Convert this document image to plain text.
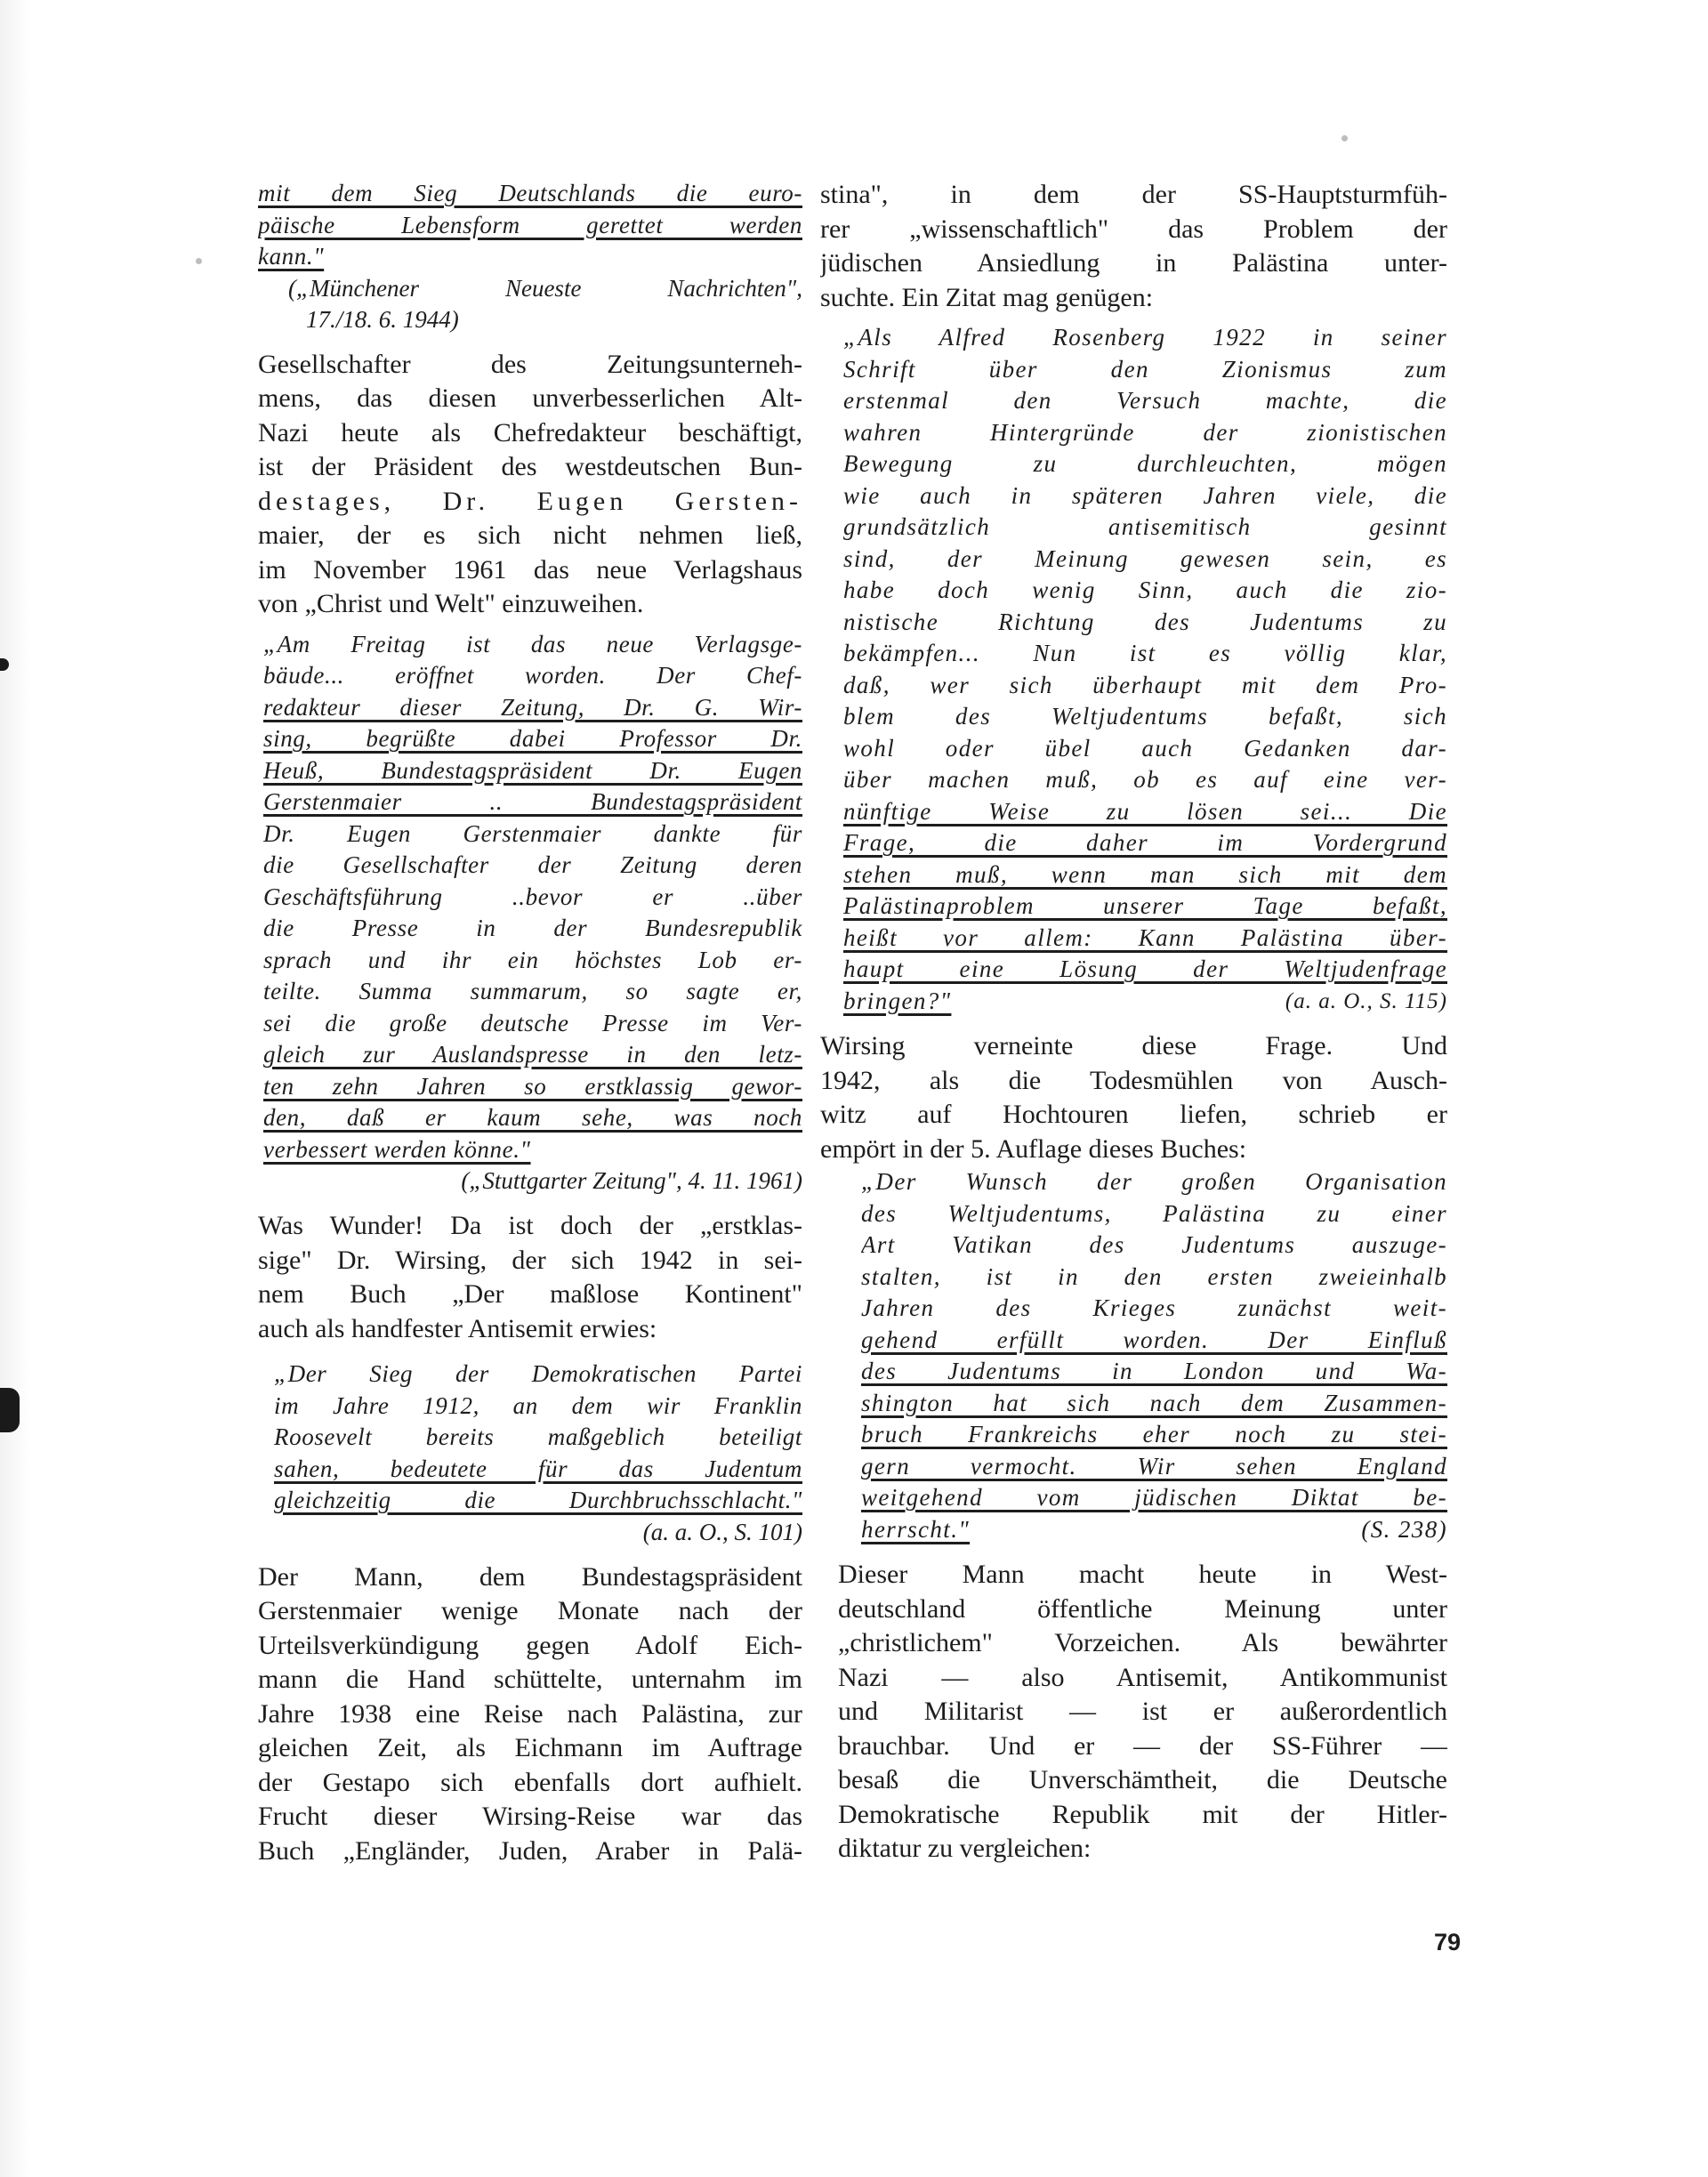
mit dem Sieg Deutschlands die euro-
päische Lebensform gerettet werden
kann."
(„Münchener Neueste Nachrichten",
17./18. 6. 1944)
Gesellschafter des Zeitungsunterneh-
mens, das diesen unverbesserlichen Alt-
Nazi heute als Chefredakteur beschäftigt,
ist der Präsident des westdeutschen Bun-
destages, Dr. Eugen Gersten-
maier, der es sich nicht nehmen ließ,
im November 1961 das neue Verlagshaus
von „Christ und Welt" einzuweihen.
„Am Freitag ist das neue Verlagsge-
bäude... eröffnet worden. Der Chef-
redakteur dieser Zeitung, Dr. G. Wir-
sing, begrüßte dabei Professor Dr.
Heuß, Bundestagspräsident Dr. Eugen
Gerstenmaier .. Bundestagspräsident
Dr. Eugen Gerstenmaier dankte für
die Gesellschafter der Zeitung deren
Geschäftsführung ..bevor er ..über
die Presse in der Bundesrepublik
sprach und ihr ein höchstes Lob er-
teilte. Summa summarum, so sagte er,
sei die große deutsche Presse im Ver-
gleich zur Auslandspresse in den letz-
ten zehn Jahren so erstklassig gewor-
den, daß er kaum sehe, was noch
verbessert werden könne."
(„Stuttgarter Zeitung", 4. 11. 1961)
Was Wunder! Da ist doch der „erstklas-
sige" Dr. Wirsing, der sich 1942 in sei-
nem Buch „Der maßlose Kontinent"
auch als handfester Antisemit erwies:
„Der Sieg der Demokratischen Partei
im Jahre 1912, an dem wir Franklin
Roosevelt bereits maßgeblich beteiligt
sahen, bedeutete für das Judentum
gleichzeitig die Durchbruchsschlacht."
(a. a. O., S. 101)
Der Mann, dem Bundestagspräsident
Gerstenmaier wenige Monate nach der
Urteilsverkündigung gegen Adolf Eich-
mann die Hand schüttelte, unternahm im
Jahre 1938 eine Reise nach Palästina, zur
gleichen Zeit, als Eichmann im Auftrage
der Gestapo sich ebenfalls dort aufhielt.
Frucht dieser Wirsing-Reise war das
Buch „Engländer, Juden, Araber in Palä-
stina", in dem der SS-Hauptsturmfüh-
rer „wissenschaftlich" das Problem der
jüdischen Ansiedlung in Palästina unter-
suchte. Ein Zitat mag genügen:
„Als Alfred Rosenberg 1922 in seiner
Schrift über den Zionismus zum
erstenmal den Versuch machte, die
wahren Hintergründe der zionistischen
Bewegung zu durchleuchten, mögen
wie auch in späteren Jahren viele, die
grundsätzlich antisemitisch gesinnt
sind, der Meinung gewesen sein, es
habe doch wenig Sinn, auch die zio-
nistische Richtung des Judentums zu
bekämpfen... Nun ist es völlig klar,
daß, wer sich überhaupt mit dem Pro-
blem des Weltjudentums befaßt, sich
wohl oder übel auch Gedanken dar-
über machen muß, ob es auf eine ver-
nünftige Weise zu lösen sei... Die
Frage, die daher im Vordergrund
stehen muß, wenn man sich mit dem
Palästinaproblem unserer Tage befaßt,
heißt vor allem: Kann Palästina über-
haupt eine Lösung der Weltjudenfrage
bringen?"	(a. a. O., S. 115)
Wirsing verneinte diese Frage. Und
1942, als die Todesmühlen von Ausch-
witz auf Hochtouren liefen, schrieb er
empört in der 5. Auflage dieses Buches:
„Der Wunsch der großen Organisation
des Weltjudentums, Palästina zu einer
Art Vatikan des Judentums auszuge-
stalten, ist in den ersten zweieinhalb
Jahren des Krieges zunächst weit-
gehend erfüllt worden. Der Einfluß
des Judentums in London und Wa-
shington hat sich nach dem Zusammen-
bruch Frankreichs eher noch zu stei-
gern vermocht. Wir sehen England
weitgehend vom jüdischen Diktat be-
herrscht."	(S. 238)
Dieser Mann macht heute in West-
deutschland öffentliche Meinung unter
„christlichem" Vorzeichen. Als bewährter
Nazi — also Antisemit, Antikommunist
und Militarist — ist er außerordentlich
brauchbar. Und er — der SS-Führer —
besaß die Unverschämtheit, die Deutsche
Demokratische Republik mit der Hitler-
diktatur zu vergleichen:
79
